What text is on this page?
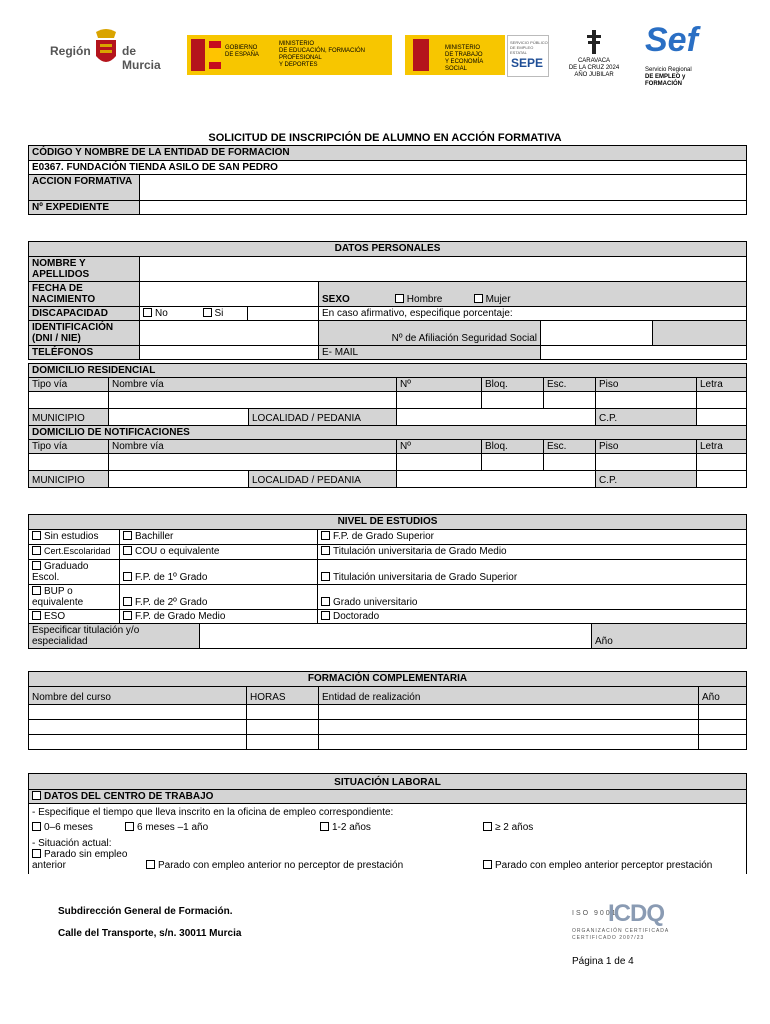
Región	de Murcia
GOBIERNO
DE ESPAÑA
MINISTERIO
DE EDUCACIÓN, FORMACIÓN PROFESIONAL
Y DEPORTES
MINISTERIO
DE TRABAJO
Y ECONOMÍA SOCIAL
SERVICIO PÚBLICO
DE EMPLEO ESTATAL
SEPE	CARAVACA
DE LA CRUZ 2024
AÑO JUBILAR
Sef
Servicio Regional
DE EMPLEO y FORMACIÓN
SOLICITUD DE INSCRIPCIÓN DE ALUMNO EN ACCIÓN FORMATIVA
CÓDIGO Y NOMBRE DE LA ENTIDAD DE FORMACION	
E0367. FUNDACIÓN TIENDA ASILO DE SAN PEDRO	
ACCION FORMATIVA	
Nº EXPEDIENTE	
DATOS PERSONALES						
NOMBRE Y APELLIDOS	
FECHA DE NACIMIENTO				SEXO Hombre Mujer		
DISCAPACIDAD	No	Si		En caso afirmativo, especifique porcentaje:		
IDENTIFICACIÓN (DNI / NIE)				Nº de Afiliación Seguridad Social		
TELÉFONOS				E- MAIL	
DOMICILIO RESIDENCIAL							
Tipo vía	Nombre vía		Nº	Bloq.	Esc.	Piso	Letra

MUNICIPIO		LOCALIDAD / PEDANIA				C.P.	
DOMICILIO DE NOTIFICACIONES							
Tipo vía	Nombre vía		Nº	Bloq.	Esc.	Piso	Letra

MUNICIPIO		LOCALIDAD / PEDANIA				C.P.	
NIVEL DE ESTUDIOS				
Sin estudios	Bachiller		F.P. de Grado Superior	
Cert.Escolaridad	COU o equivalente		Titulación universitaria de Grado Medio	
Graduado Escol.	F.P. de 1º Grado		Titulación universitaria de Grado Superior	
BUP o equivalente	F.P. de 2º Grado		Grado universitario	
ESO	F.P. de Grado Medio		Doctorado	
Especificar titulación y/o especialidad				Año
FORMACIÓN COMPLEMENTARIA			
Nombre del curso	HORAS	Entidad de realización	Año

SITUACIÓN LABORAL
DATOS DEL CENTRO DE TRABAJO

- Especifique el tiempo que lleva inscrito en la oficina de empleo correspondiente:
0–6 meses	6 meses –1 año	1-2 años	≥ 2 años

- Situación actual:
Parado sin empleo anterior	Parado con empleo anterior no perceptor de prestación	Parado con empleo anterior perceptor prestación
Subdirección General de Formación.
Calle del Transporte, s/n. 30011 Murcia
ISO 9001
ICDQ
ORGANIZACIÓN CERTIFICADA
CERTIFICADO 2007/23
Página 1 de 4
